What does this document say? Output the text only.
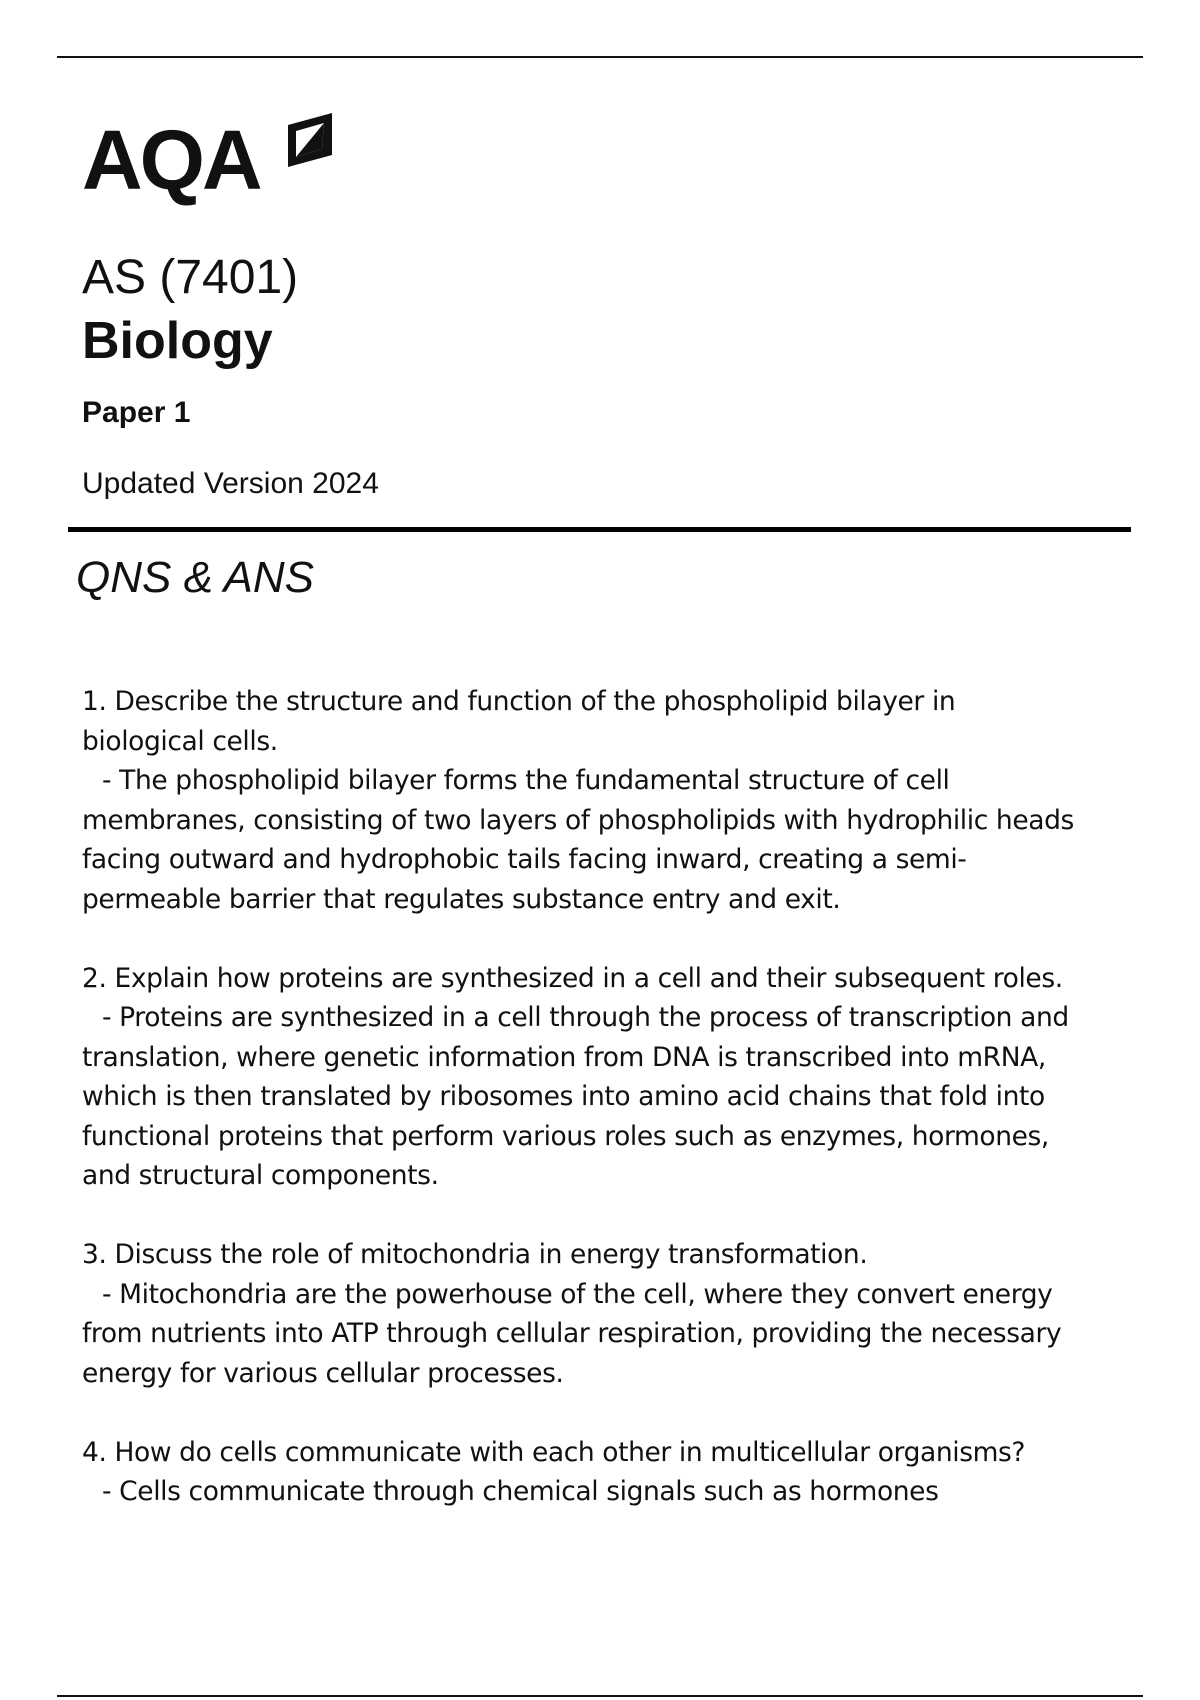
AQA
AS (7401)
Biology
Paper 1
Updated Version 2024
QNS & ANS

1. Describe the structure and function of the phospholipid bilayer in biological cells.

- The phospholipid bilayer forms the fundamental structure of cell membranes, consisting of two layers of phospholipids with hydrophilic heads facing outward and hydrophobic tails facing inward, creating a semi-permeable barrier that regulates substance entry and exit.

2. Explain how proteins are synthesized in a cell and their subsequent roles.

- Proteins are synthesized in a cell through the process of transcription and translation, where genetic information from DNA is transcribed into mRNA, which is then translated by ribosomes into amino acid chains that fold into functional proteins that perform various roles such as enzymes, hormones, and structural components.

3. Discuss the role of mitochondria in energy transformation.

- Mitochondria are the powerhouse of the cell, where they convert energy from nutrients into ATP through cellular respiration, providing the necessary energy for various cellular processes.

4. How do cells communicate with each other in multicellular organisms?

- Cells communicate through chemical signals such as hormones
